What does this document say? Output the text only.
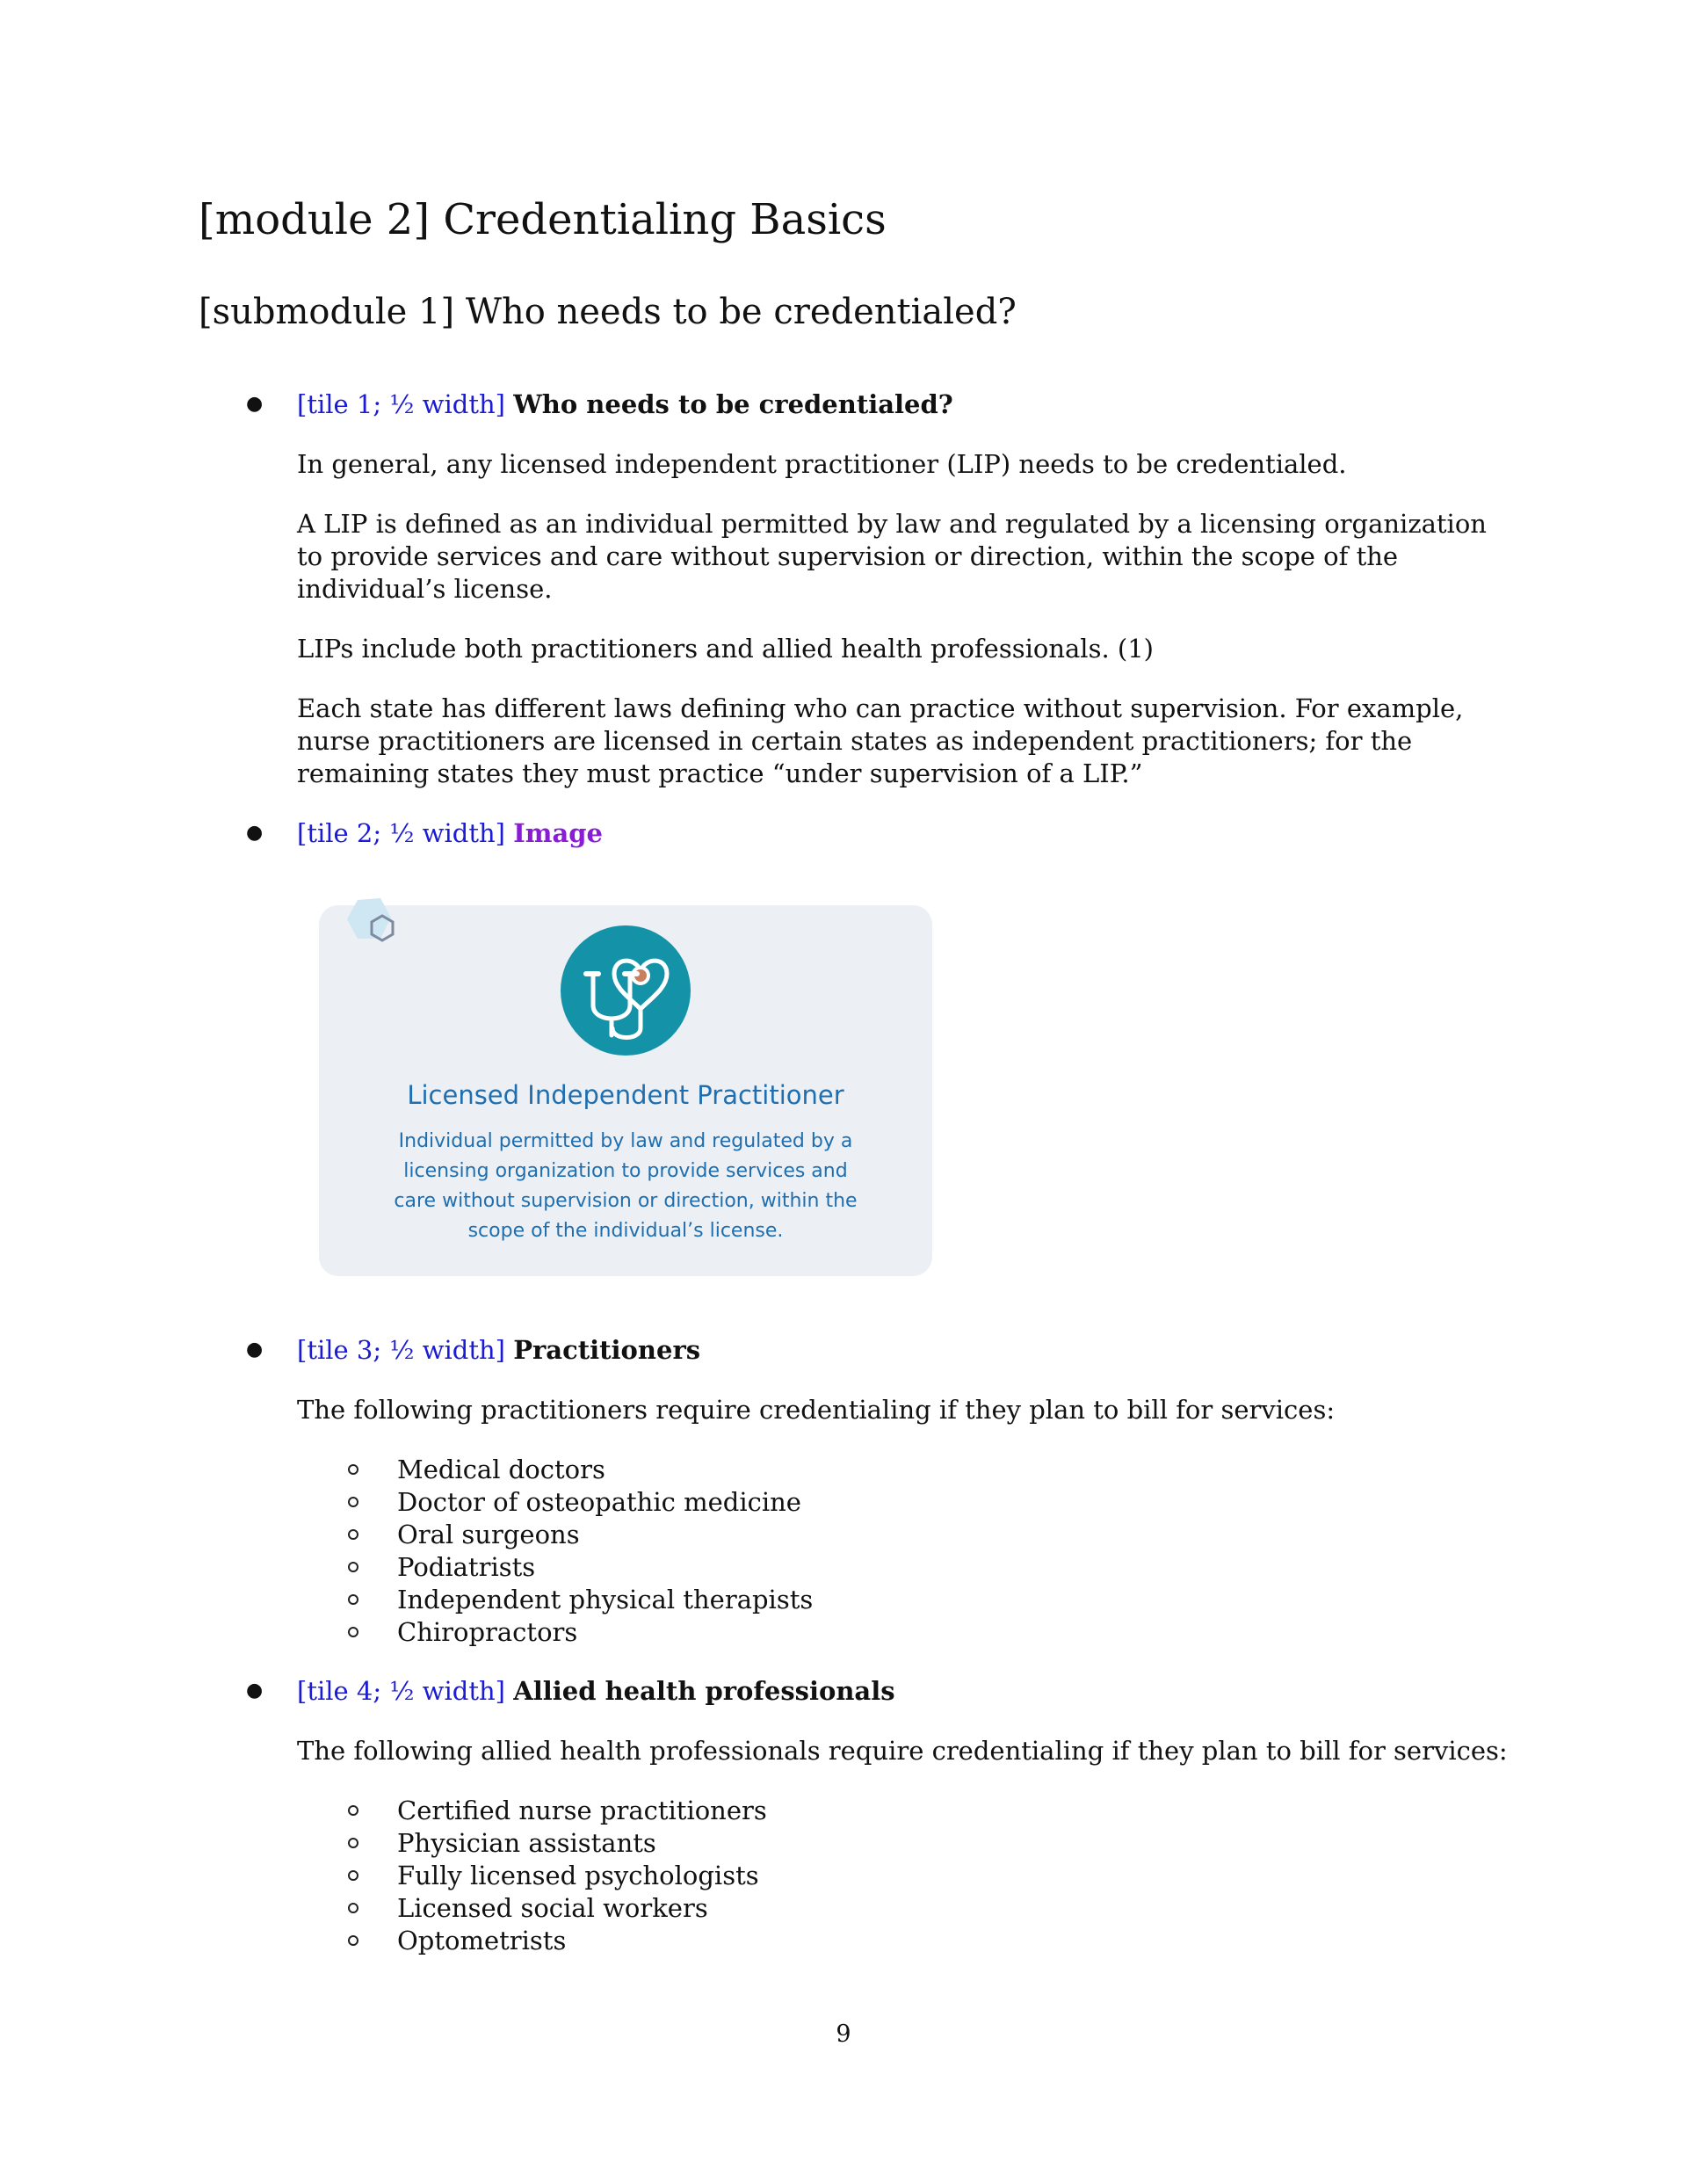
[module 2] Credentialing Basics
[submodule 1] Who needs to be credentialed?
● [tile 1; ½ width] Who needs to be credentialed?

In general, any licensed independent practitioner (LIP) needs to be credentialed.

A LIP is defined as an individual permitted by law and regulated by a licensing organization to provide services and care without supervision or direction, within the scope of the individual’s license.

LIPs include both practitioners and allied health professionals. (1)

Each state has different laws defining who can practice without supervision. For example, nurse practitioners are licensed in certain states as independent practitioners; for the remaining states they must practice “under supervision of a LIP.”

● [tile 2; ½ width] Image
Licensed Independent Practitioner
Individual permitted by law and regulated by a
licensing organization to provide services and
care without supervision or direction, within the
scope of the individual’s license.
● [tile 3; ½ width] Practitioners

The following practitioners require credentialing if they plan to bill for services:

Medical doctors
Doctor of osteopathic medicine
Oral surgeons
Podiatrists
Independent physical therapists
Chiropractors
● [tile 4; ½ width] Allied health professionals

The following allied health professionals require credentialing if they plan to bill for services:

Certified nurse practitioners
Physician assistants
Fully licensed psychologists
Licensed social workers
Optometrists
9
